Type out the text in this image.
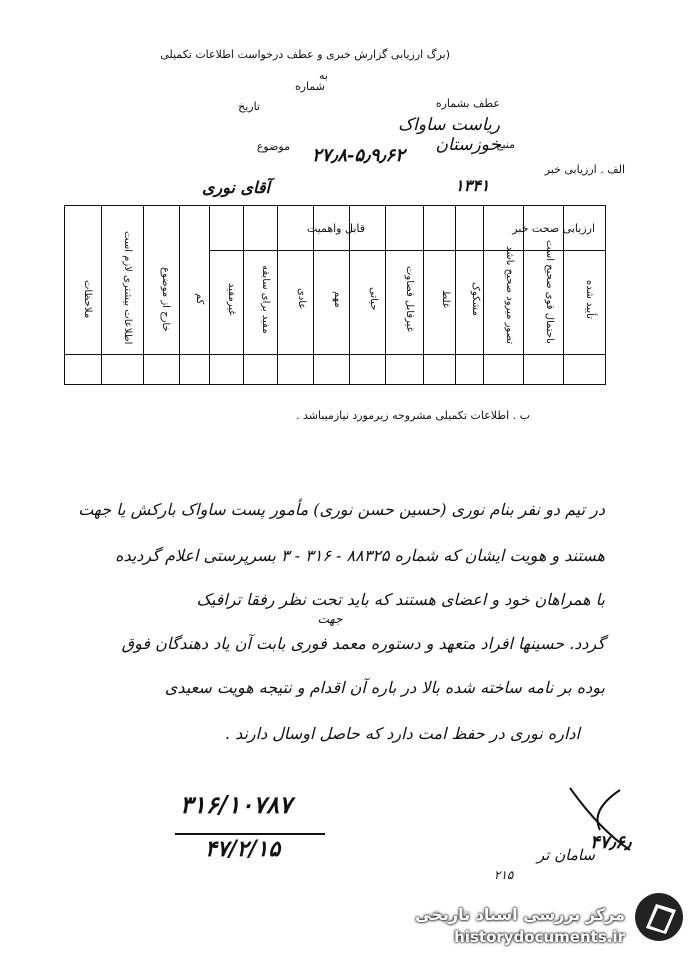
(برگ ارزیابی گزارش خبری و عطف درخواست اطلاعات تکمیلی
به
شماره
عطف بشماره
تاریخ
ریاست ساواک خوزستان
منبع
موضوع ۲۷٫۸-۵٫۹٫۶۲
الف . ارزیابی خبر
۱۳۴۱
آقای نوری
ارزیابی صحت خبر
قابل واهمیت
تأیید شده
باحتمال قوی صحیح است
تصور میرود صحیح باشد
مشکوک
غلط
غیرقابل قضاوت
حیاتی
مهم
عادی
مفید برای سابقه
غیرمفید
کم
خارج از موضوع
اطلاعات بیشتری لازم است
ملاحظات
ب . اطلاعات تکمیلی مشروحه زیرمورد نیازمیباشد .
در تیم دو نفر بنام نوری (حسین حسن نوری) مأمور پست ساواک بارکش یا جهت
هستند و هویت ایشان که شماره ۸۸۳۲۵ - ۳۱۶ - ۳ بسرپرستی اعلام گردیده
با همراهان خود و اعضای هستند که باید تحت نظر رفقا ترافیک
جهت
گردد. حسینها افراد متعهد و دستوره معمد فوری بابت آن یاد دهندگان فوق
بوده بر نامه ساخته شده بالا در باره آن اقدام و نتیجه هویت سعیدی
اداره نوری در حفظ امت دارد که حاصل اوسال دارند .
۳۱۶/۱۰۷۸۷
۴۷/۲/۱۵	۴۷٫۶٫
سامان تر
۲۱۵
مرکز بررسی اسناد تاریخی
historydocuments.ir
